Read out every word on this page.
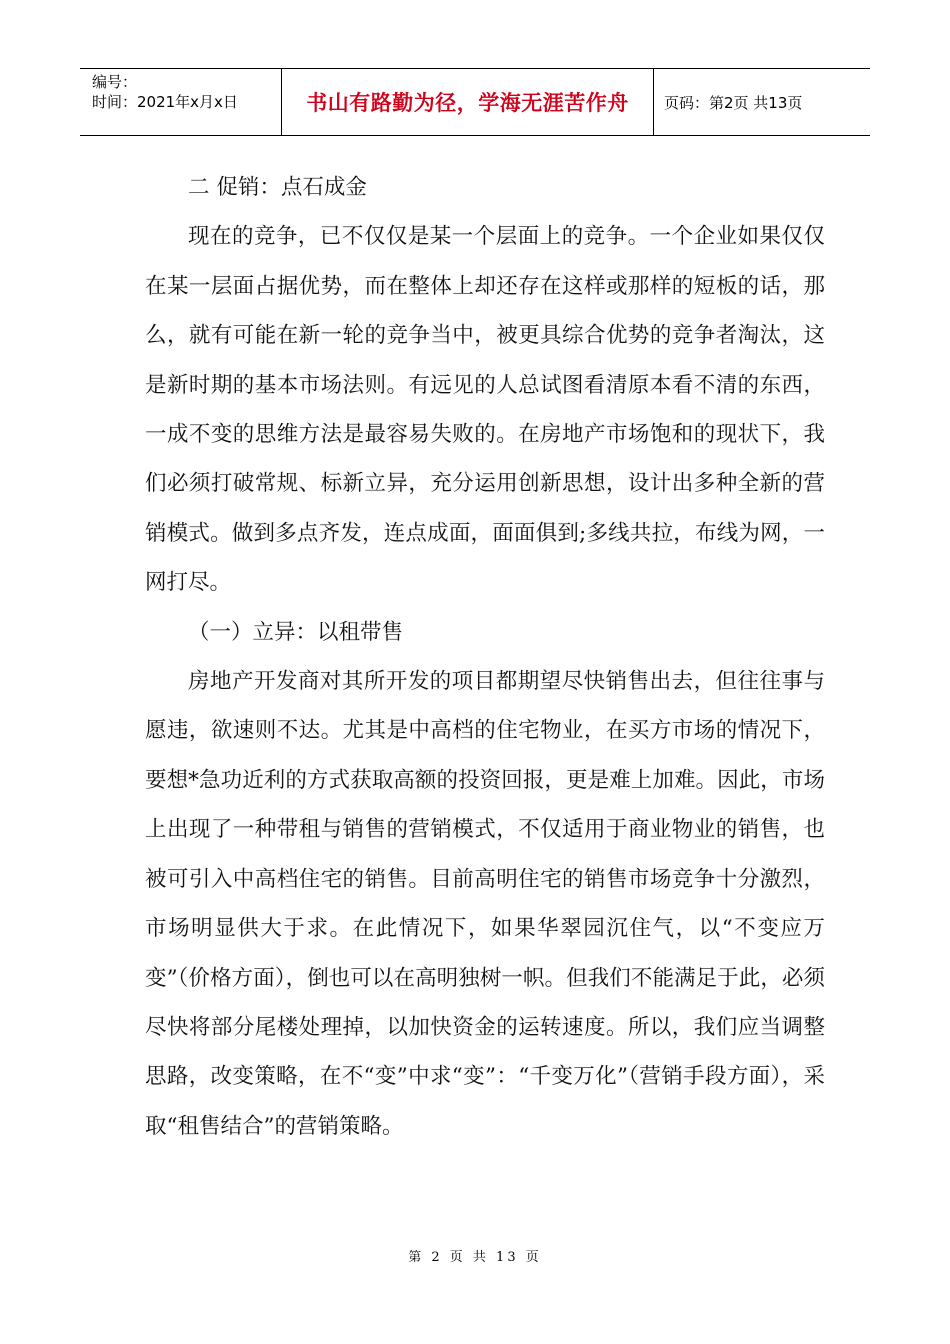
编号：
时间：2021年x月x日	书山有路勤为径，学海无涯苦作舟 页码：第2页 共13页

二 促销：点石成金

现在的竞争，已不仅仅是某一个层面上的竞争。一个企业如果仅仅在某一层面占据优势，而在整体上却还存在这样或那样的短板的话，那么，就有可能在新一轮的竞争当中，被更具综合优势的竞争者淘汰，这是新时期的基本市场法则。有远见的人总试图看清原本看不清的东西，一成不变的思维方法是最容易失败的。在房地产市场饱和的现状下，我们必须打破常规、标新立异，充分运用创新思想，设计出多种全新的营销模式。做到多点齐发，连点成面，面面俱到;多线共拉，布线为网，一网打尽。

（一）立异：以租带售

房地产开发商对其所开发的项目都期望尽快销售出去，但往往事与愿违，欲速则不达。尤其是中高档的住宅物业，在买方市场的情况下，要想*急功近利的方式获取高额的投资回报，更是难上加难。因此，市场上出现了一种带租与销售的营销模式，不仅适用于商业物业的销售，也被可引入中高档住宅的销售。目前高明住宅的销售市场竞争十分激烈，市场明显供大于求。在此情况下，如果华翠园沉住气，以“不变应万变”（价格方面），倒也可以在高明独树一帜。但我们不能满足于此，必须尽快将部分尾楼处理掉，以加快资金的运转速度。所以，我们应当调整思路，改变策略，在不“变”中求“变”：“千变万化”（营销手段方面），采取“租售结合”的营销策略。

第 2 页 共 13 页
